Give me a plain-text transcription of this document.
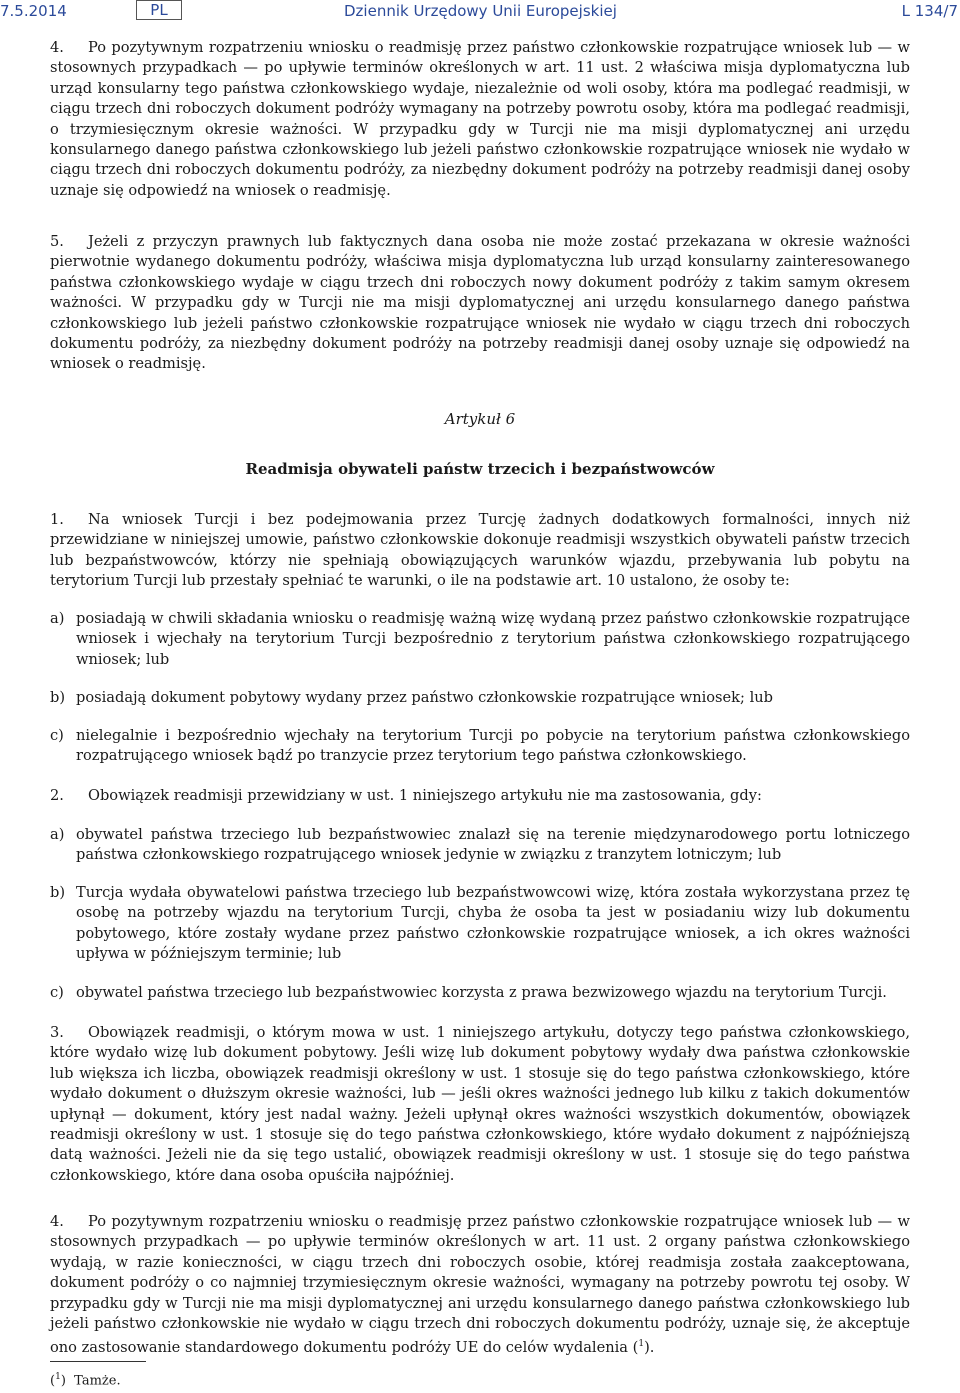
7.5.2014	PL	Dziennik Urzędowy Unii Europejskiej	L 134/7

4. Po pozytywnym rozpatrzeniu wniosku o readmisję przez państwo członkowskie rozpatrujące wniosek lub — w stosownych przypadkach — po upływie terminów określonych w art. 11 ust. 2 właściwa misja dyplomatyczna lub urząd konsularny tego państwa członkowskiego wydaje, niezależnie od woli osoby, która ma podlegać readmisji, w ciągu trzech dni roboczych dokument podróży wymagany na potrzeby powrotu osoby, która ma podlegać readmisji, o trzymiesięcznym okresie ważności. W przypadku gdy w Turcji nie ma misji dyplomatycznej ani urzędu konsularnego danego państwa członkowskiego lub jeżeli państwo członkowskie rozpatrujące wniosek nie wydało w ciągu trzech dni roboczych dokumentu podróży, za niezbędny dokument podróży na potrzeby readmisji danej osoby uznaje się odpowiedź na wniosek o readmisję.

5. Jeżeli z przyczyn prawnych lub faktycznych dana osoba nie może zostać przekazana w okresie ważności pierwotnie wydanego dokumentu podróży, właściwa misja dyplomatyczna lub urząd konsularny zainteresowanego państwa członkowskiego wydaje w ciągu trzech dni roboczych nowy dokument podróży z takim samym okresem ważności. W przypadku gdy w Turcji nie ma misji dyplomatycznej ani urzędu konsularnego danego państwa członkowskiego lub jeżeli państwo członkowskie rozpatrujące wniosek nie wydało w ciągu trzech dni roboczych dokumentu podróży, za niezbędny dokument podróży na potrzeby readmisji danej osoby uznaje się odpowiedź na wniosek o readmisję.

Artykuł 6

Readmisja obywateli państw trzecich i bezpaństwowców

1. Na wniosek Turcji i bez podejmowania przez Turcję żadnych dodatkowych formalności, innych niż przewidziane w niniejszej umowie, państwo członkowskie dokonuje readmisji wszystkich obywateli państw trzecich lub bezpaństwowców, którzy nie spełniają obowiązujących warunków wjazdu, przebywania lub pobytu na terytorium Turcji lub przestały spełniać te warunki, o ile na podstawie art. 10 ustalono, że osoby te:

a) posiadają w chwili składania wniosku o readmisję ważną wizę wydaną przez państwo członkowskie rozpatrujące wniosek i wjechały na terytorium Turcji bezpośrednio z terytorium państwa członkowskiego rozpatrującego wniosek; lub

b) posiadają dokument pobytowy wydany przez państwo członkowskie rozpatrujące wniosek; lub

c) nielegalnie i bezpośrednio wjechały na terytorium Turcji po pobycie na terytorium państwa członkowskiego rozpatrującego wniosek bądź po tranzycie przez terytorium tego państwa członkowskiego.

2. Obowiązek readmisji przewidziany w ust. 1 niniejszego artykułu nie ma zastosowania, gdy:

a) obywatel państwa trzeciego lub bezpaństwowiec znalazł się na terenie międzynarodowego portu lotniczego państwa członkowskiego rozpatrującego wniosek jedynie w związku z tranzytem lotniczym; lub

b) Turcja wydała obywatelowi państwa trzeciego lub bezpaństwowcowi wizę, która została wykorzystana przez tę osobę na potrzeby wjazdu na terytorium Turcji, chyba że osoba ta jest w posiadaniu wizy lub dokumentu pobytowego, które zostały wydane przez państwo członkowskie rozpatrujące wniosek, a ich okres ważności upływa w późniejszym terminie; lub

c) obywatel państwa trzeciego lub bezpaństwowiec korzysta z prawa bezwizowego wjazdu na terytorium Turcji.

3. Obowiązek readmisji, o którym mowa w ust. 1 niniejszego artykułu, dotyczy tego państwa członkowskiego, które wydało wizę lub dokument pobytowy. Jeśli wizę lub dokument pobytowy wydały dwa państwa członkowskie lub większa ich liczba, obowiązek readmisji określony w ust. 1 stosuje się do tego państwa członkowskiego, które wydało dokument o dłuższym okresie ważności, lub — jeśli okres ważności jednego lub kilku z takich dokumentów upłynął — dokument, który jest nadal ważny. Jeżeli upłynął okres ważności wszystkich dokumentów, obowiązek readmisji określony w ust. 1 stosuje się do tego państwa członkowskiego, które wydało dokument z najpóźniejszą datą ważności. Jeżeli nie da się tego ustalić, obowiązek readmisji określony w ust. 1 stosuje się do tego państwa członkowskiego, które dana osoba opuściła najpóźniej.

4. Po pozytywnym rozpatrzeniu wniosku o readmisję przez państwo członkowskie rozpatrujące wniosek lub — w stosownych przypadkach — po upływie terminów określonych w art. 11 ust. 2 organy państwa członkowskiego wydają, w razie konieczności, w ciągu trzech dni roboczych osobie, której readmisja została zaakceptowana, dokument podróży o co najmniej trzymiesięcznym okresie ważności, wymagany na potrzeby powrotu tej osoby. W przypadku gdy w Turcji nie ma misji dyplomatycznej ani urzędu konsularnego danego państwa członkowskiego lub jeżeli państwo członkowskie nie wydało w ciągu trzech dni roboczych dokumentu podróży, uznaje się, że akceptuje ono zastosowanie standardowego dokumentu podróży UE do celów wydalenia ($^1$).

($^1$)  Tamże.
